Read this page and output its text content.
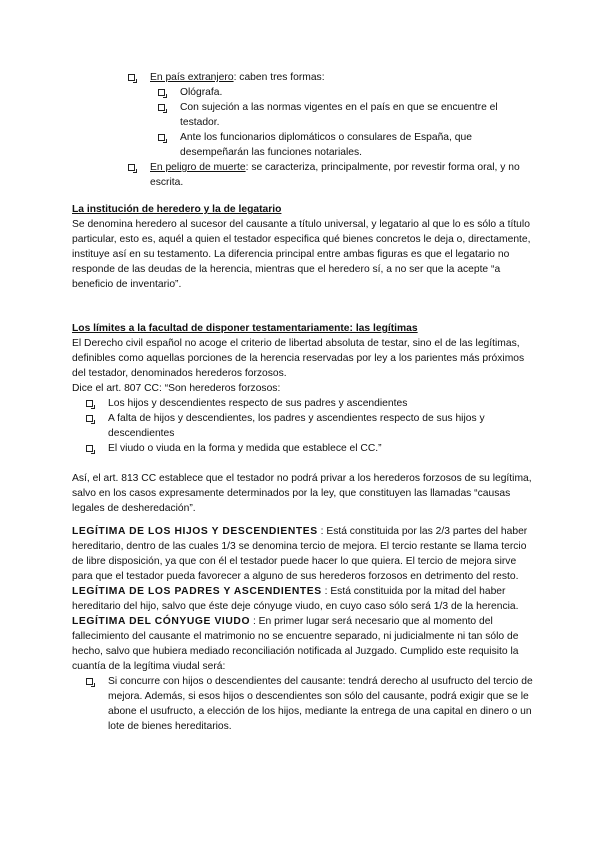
En país extranjero: caben tres formas:
Ológrafa.
Con sujeción a las normas vigentes en el país en que se encuentre el testador.
Ante los funcionarios diplomáticos o consulares de España, que desempeñarán las funciones notariales.
En peligro de muerte: se caracteriza, principalmente, por revestir forma oral, y no escrita.

La institución de heredero y la de legatario

Se denomina heredero al sucesor del causante a título universal, y legatario al que lo es sólo a título particular, esto es, aquél a quien el testador especifica qué bienes concretos le deja o, directamente, instituye así en su testamento. La diferencia principal entre ambas figuras es que el legatario no responde de las deudas de la herencia, mientras que el heredero sí, a no ser que la acepte “a beneficio de inventario”.

Los límites a la facultad de disponer testamentariamente: las legítimas

El Derecho civil español no acoge el criterio de libertad absoluta de testar, sino el de las legítimas, definibles como aquellas porciones de la herencia reservadas por ley a los parientes más próximos del testador, denominados herederos forzosos.

Dice el art. 807 CC: “Son herederos forzosos:

Los hijos y descendientes respecto de sus padres y ascendientes
A falta de hijos y descendientes, los padres y ascendientes respecto de sus hijos y descendientes
El viudo o viuda en la forma y medida que establece el CC.”

Así, el art. 813 CC establece que el testador no podrá privar a los herederos forzosos de su legítima, salvo en los casos expresamente determinados por la ley, que constituyen las llamadas “causas legales de desheredación”.

LEGÍTIMA DE LOS HIJOS Y DESCENDIENTES : Está constituida por las 2/3 partes del haber hereditario, dentro de las cuales 1/3 se denomina tercio de mejora. El tercio restante se llama tercio de libre disposición, ya que con él el testador puede hacer lo que quiera. El tercio de mejora sirve para que el testador pueda favorecer a alguno de sus herederos forzosos en detrimento del resto.

LEGÍTIMA DE LOS PADRES Y ASCENDIENTES : Está constituida por la mitad del haber hereditario del hijo, salvo que éste deje cónyuge viudo, en cuyo caso sólo será 1/3 de la herencia.

LEGÍTIMA DEL CÓNYUGE VIUDO : En primer lugar será necesario que al momento del fallecimiento del causante el matrimonio no se encuentre separado, ni judicialmente ni tan sólo de hecho, salvo que hubiera mediado reconciliación notificada al Juzgado. Cumplido este requisito la cuantía de la legítima viudal será:

Si concurre con hijos o descendientes del causante: tendrá derecho al usufructo del tercio de mejora. Además, si esos hijos o descendientes son sólo del causante, podrá exigir que se le abone el usufructo, a elección de los hijos, mediante la entrega de una capital en dinero o un lote de bienes hereditarios.
